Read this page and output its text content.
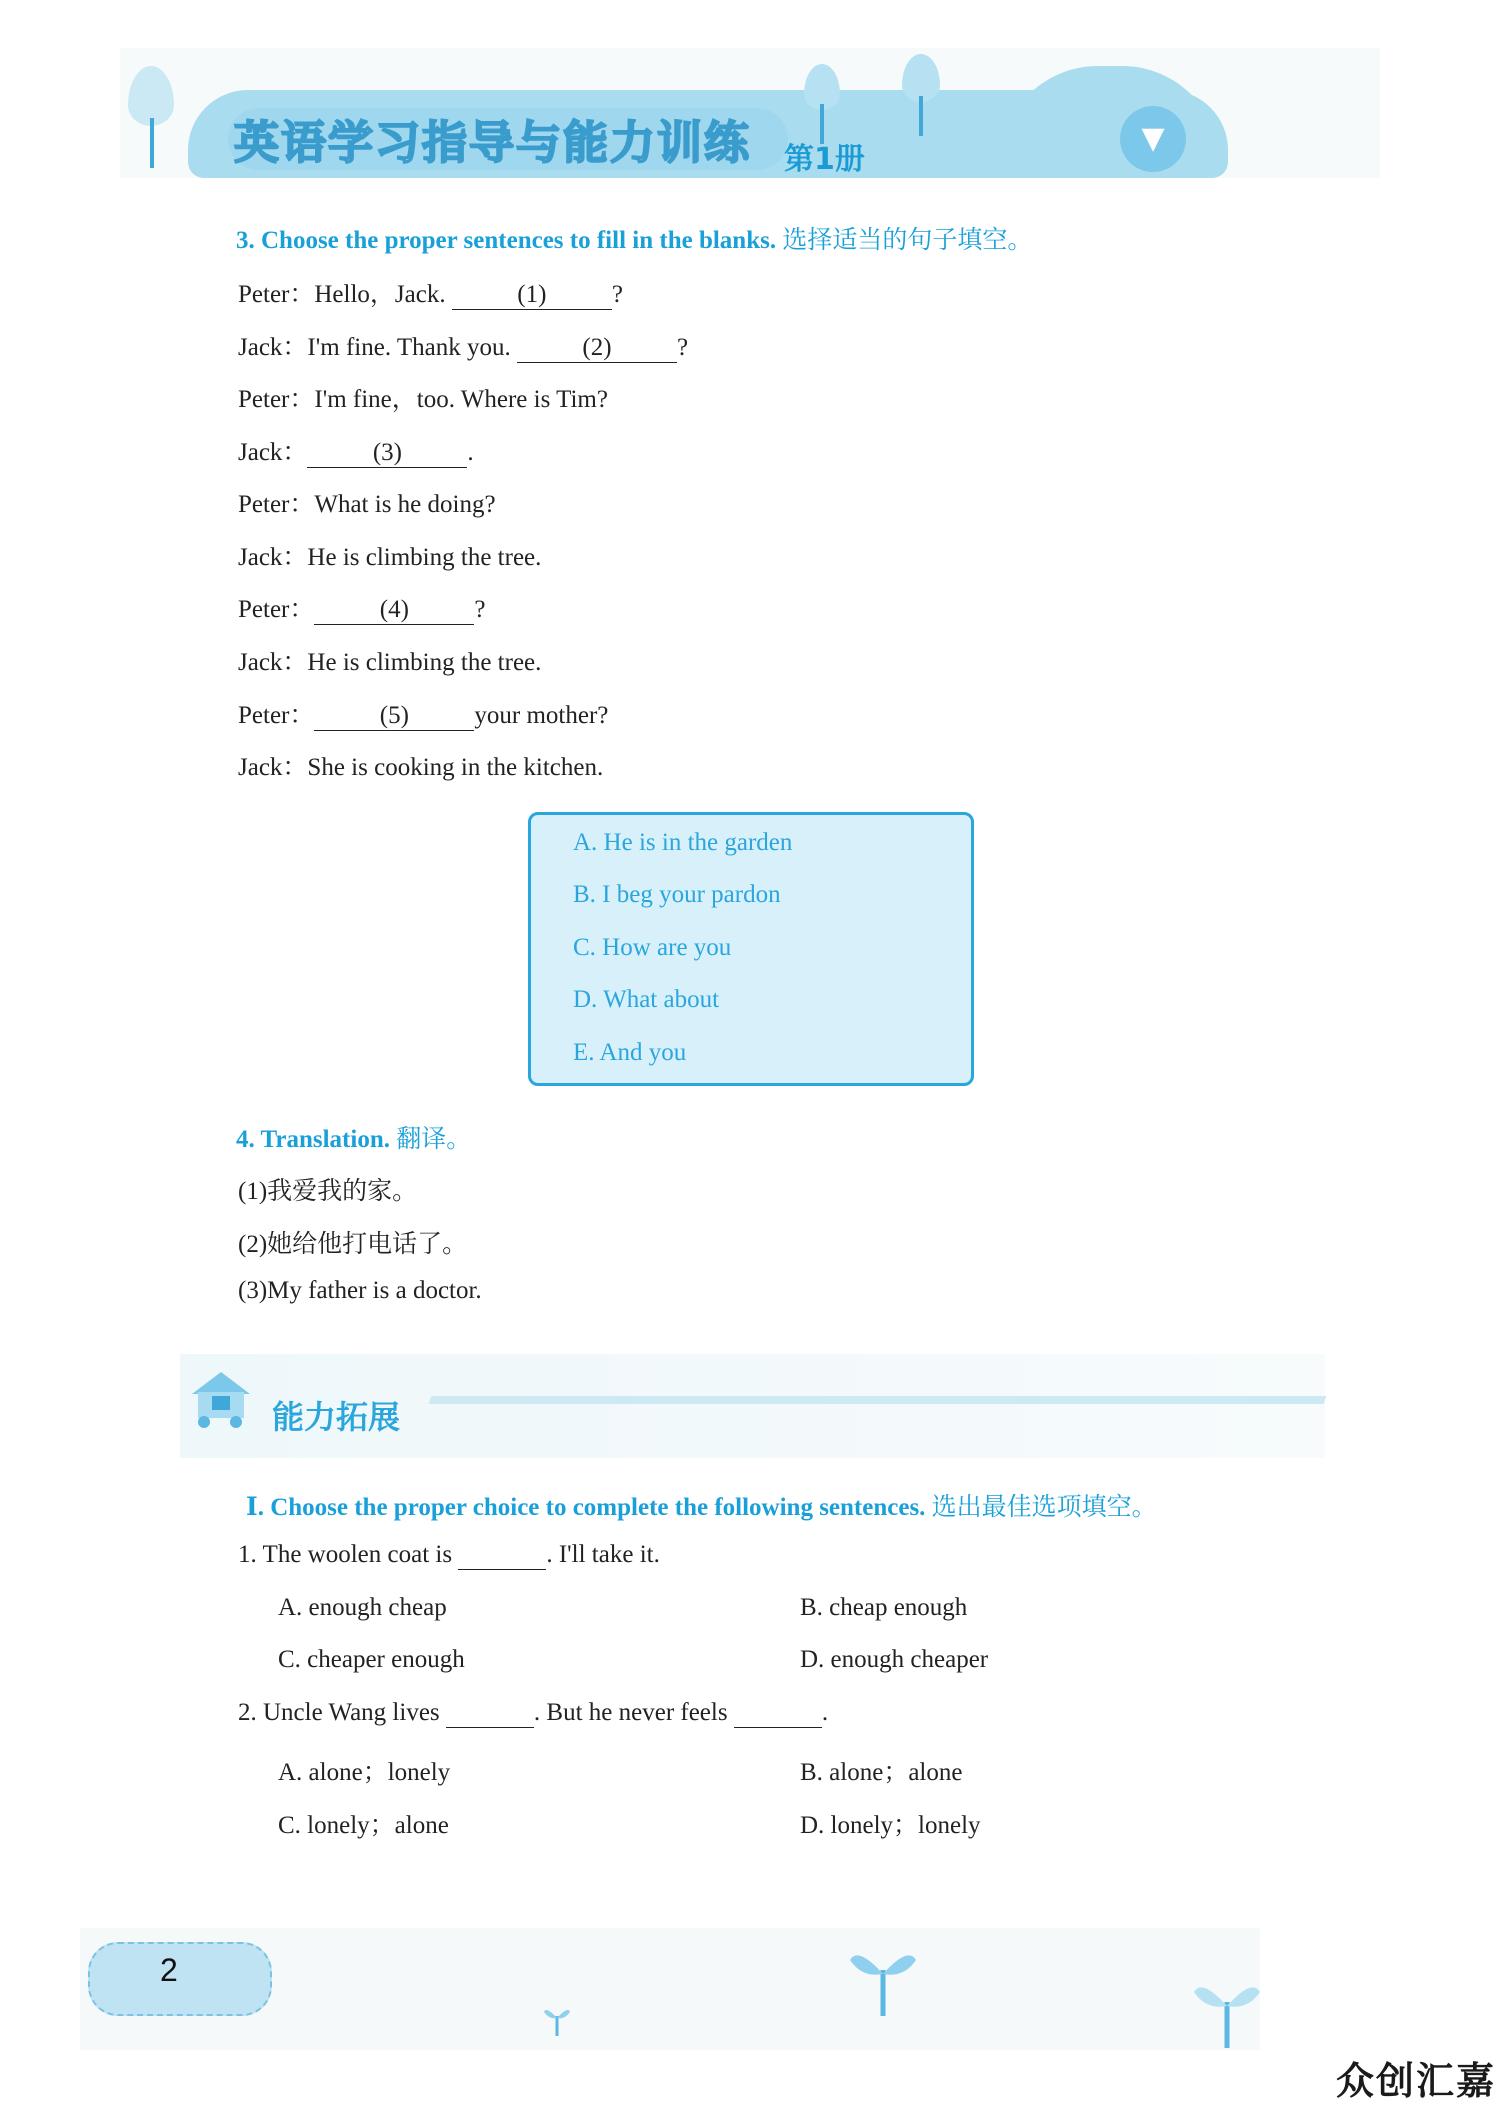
英语学习指导与能力训练 第1册
▼
3. Choose the proper sentences to fill in the blanks. 选择适当的句子填空。
Peter：Hello，Jack.	(1)	?
Jack：I'm fine. Thank you.	(2)	?
Peter：I'm fine，too. Where is Tim?
Jack：	(3)	.
Peter：What is he doing?
Jack：He is climbing the tree.
Peter：	(4)	?
Jack：He is climbing the tree.
Peter：	(5)	your mother?
Jack：She is cooking in the kitchen.
A. He is in the garden
B. I beg your pardon
C. How are you
D. What about
E. And you
4. Translation. 翻译。
(1)我爱我的家。
(2)她给他打电话了。
(3)My father is a doctor.
能力拓展
Ⅰ. Choose the proper choice to complete the following sentences. 选出最佳选项填空。
1. The woolen coat is	. I'll take it.
A. enough cheap	B. cheap enough
C. cheaper enough	D. enough cheaper
2. Uncle Wang lives	. But he never feels	.
A. alone；lonely	B. alone；alone
C. lonely；alone	D. lonely；lonely
2
众创汇嘉
